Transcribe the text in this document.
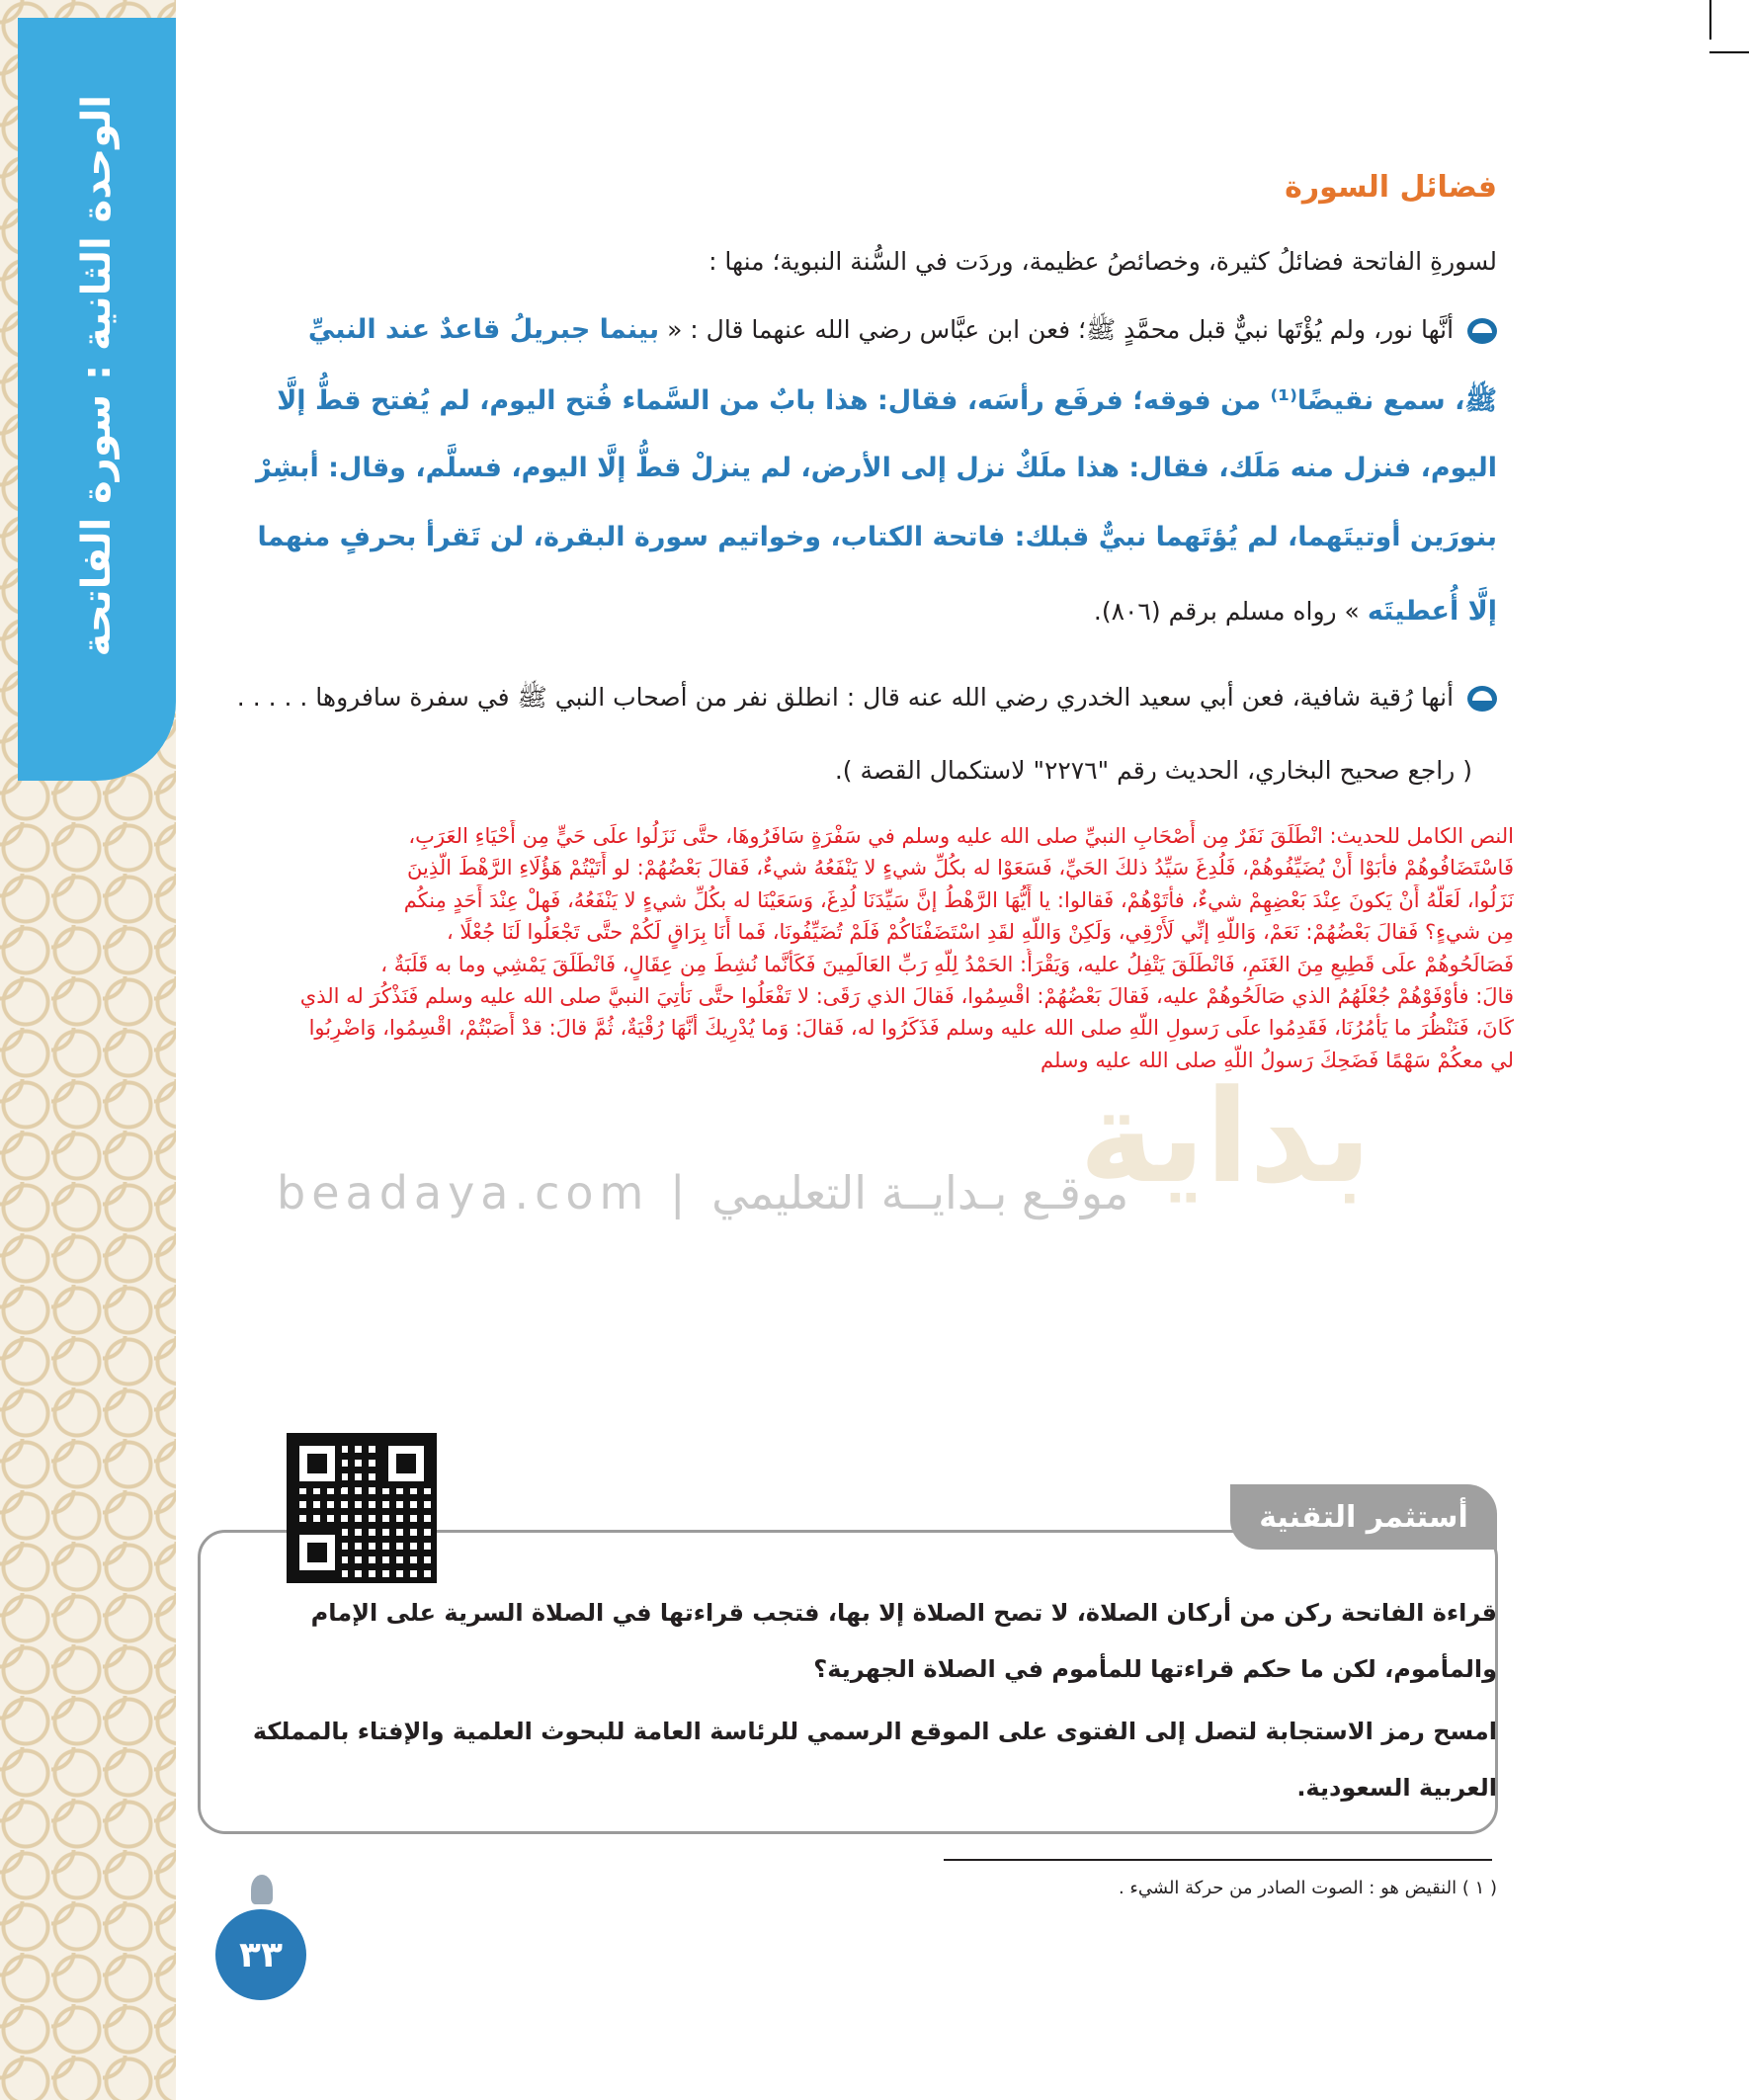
الوحدة الثانية : سورة الفاتحة	فضائل السورة
لسورةِ الفاتحة فضائلُ كثيرة، وخصائصُ عظيمة، وردَت في السُّنة النبوية؛ منها :
أنَّها نور، ولم يُؤْتَها نبيٌّ قبل محمَّدٍ ﷺ؛ فعن ابن عبَّاس رضي الله عنهما قال : « بينما جبريلُ قاعدٌ عند النبيِّ
ﷺ، سمع نقيضًا⁽¹⁾ من فوقه؛ فرفَع رأسَه، فقال: هذا بابٌ من السَّماء فُتح اليوم، لم يُفتح قطُّ إلَّا
اليوم، فنزل منه مَلَك، فقال: هذا ملَكٌ نزل إلى الأرض، لم ينزلْ قطُّ إلَّا اليوم، فسلَّم، وقال: أبشِرْ
بنورَين أوتيتَهما، لم يُؤتَهما نبيٌّ قبلك: فاتحة الكتاب، وخواتيم سورة البقرة، لن تَقرأ بحرفٍ منهما
إلَّا أُعطيتَه » رواه مسلم برقم (٨٠٦).
أنها رُقية شافية، فعن أبي سعيد الخدري رضي الله عنه قال : انطلق نفر من أصحاب النبي ﷺ في سفرة سافروها . . . . .
( راجع صحيح البخاري، الحديث رقم "٢٢٧٦" لاستكمال القصة ).
بداية
النص الكامل للحديث: انْطَلَقَ نَفَرٌ مِن أَصْحَابِ النبيِّ صلى الله عليه وسلم في سَفْرَةٍ سَافَرُوهَا، حتَّى نَزَلُوا علَى حَيٍّ مِن أَحْيَاءِ العَرَبِ،
فَاسْتَضَافُوهُمْ فأبَوْا أَنْ يُضَيِّفُوهُمْ، فَلُدِغَ سَيِّدُ ذلكَ الحَيِّ، فَسَعَوْا له بكُلِّ شيءٍ لا يَنْفَعُهُ شيءٌ، فَقالَ بَعْضُهُمْ: لو أَتَيْتُمْ هَؤُلَاءِ الرَّهْطَ الَّذِينَ
نَزَلُوا، لَعَلَّهُ أَنْ يَكونَ عِنْدَ بَعْضِهِمْ شيءٌ، فأتَوْهُمْ، فَقالوا: يا أَيُّهَا الرَّهْطُ إنَّ سَيِّدَنَا لُدِغَ، وَسَعَيْنَا له بكُلِّ شيءٍ لا يَنْفَعُهُ، فَهلْ عِنْدَ أَحَدٍ مِنكُم
مِن شيءٍ؟ فَقالَ بَعْضُهُمْ: نَعَمْ، وَاللَّهِ إنِّي لَأَرْقِي، وَلَكِنْ وَاللَّهِ لقَدِ اسْتَضَفْنَاكُمْ فَلَمْ تُضَيِّفُونَا، فَما أَنَا بِرَاقٍ لَكُمْ حتَّى تَجْعَلُوا لَنَا جُعْلًا ،
فَصَالَحُوهُمْ علَى قَطِيعٍ مِنَ الغَنَمِ، فَانْطَلَقَ يَتْفِلُ عليه، وَيَقْرَأُ: الحَمْدُ لِلَّهِ رَبِّ العَالَمِينَ فَكَأنَّما نُشِطَ مِن عِقَالٍ، فَانْطَلَقَ يَمْشِي وما به قَلَبَةٌ ،
قالَ: فأوْفَوْهُمْ جُعْلَهُمُ الذي صَالَحُوهُمْ عليه، فَقالَ بَعْضُهُمْ: اقْسِمُوا، فَقالَ الذي رَقَى: لا تَفْعَلُوا حتَّى نَأْتِيَ النبيَّ صلى الله عليه وسلم فَنَذْكُرَ له الذي
كَانَ، فَنَنْظُرَ ما يَأْمُرُنَا، فَقَدِمُوا علَى رَسولِ اللَّهِ صلى الله عليه وسلم فَذَكَرُوا له، فَقالَ: وَما يُدْرِيكَ أنَّهَا رُقْيَةٌ، ثُمَّ قالَ: قدْ أَصَبْتُمْ، اقْسِمُوا، وَاضْرِبُوا
لي معكُمْ سَهْمًا فَضَحِكَ رَسولُ اللَّهِ صلى الله عليه وسلم
beadaya.com | موقـع بـدايــة التعليمي
أستثمر التقنية
قراءة الفاتحة ركن من أركان الصلاة، لا تصح الصلاة إلا بها، فتجب قراءتها في الصلاة السرية على الإمام
والمأموم، لكن ما حكم قراءتها للمأموم في الصلاة الجهرية؟
امسح رمز الاستجابة لتصل إلى الفتوى على الموقع الرسمي للرئاسة العامة للبحوث العلمية والإفتاء بالمملكة
العربية السعودية.
( ١ ) النقيض هو : الصوت الصادر من حركة الشيء .
٣٣
